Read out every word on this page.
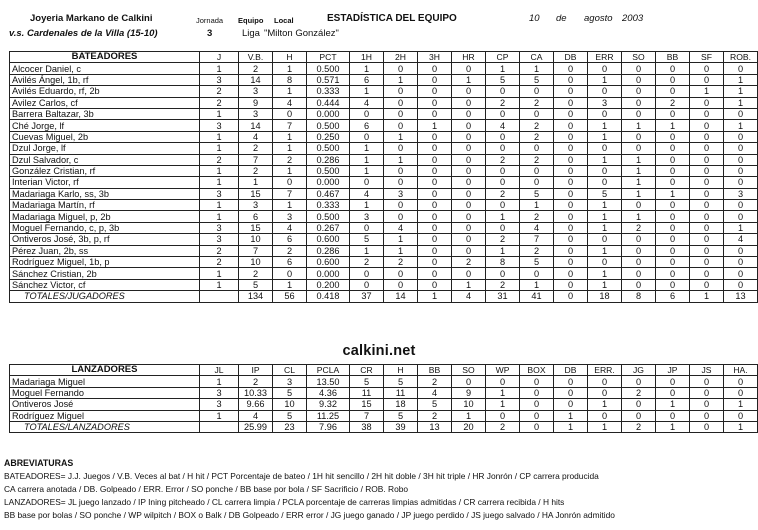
Joyeria Markano de Calkini	Jornada Equipo Local	ESTADÍSTICA DEL EQUIPO	10 de agosto 2003
v.s. Cardenales de la Villa (15-10)	3	Liga "Milton González"
BATEADORES	J	V.B.	H	PCT	1H	2H	3H	HR	CP	CA	DB	ERR	SO	BB	SF	ROB.
Alcocer Daniel, c	1	2	1	0.500	1	0	0	0	1	1	0	0	0	0	0	0
Avilés Ángel, 1b, rf	3	14	8	0.571	6	1	0	1	5	5	0	1	0	0	0	1
Avilés Eduardo, rf, 2b	2	3	1	0.333	1	0	0	0	0	0	0	0	0	0	1	1
Avilez Carlos, cf	2	9	4	0.444	4	0	0	0	2	2	0	3	0	2	0	1
Barrera Baltazar, 3b	1	3	0	0.000	0	0	0	0	0	0	0	0	0	0	0	0
Ché Jorge, lf	3	14	7	0.500	6	0	1	0	4	2	0	1	1	1	0	1
Cuevas Miguel, 2b	1	4	1	0.250	0	1	0	0	0	2	0	1	0	0	0	0
Dzul Jorge, lf	1	2	1	0.500	1	0	0	0	0	0	0	0	0	0	0	0
Dzul Salvador, c	2	7	2	0.286	1	1	0	0	2	2	0	1	1	0	0	0
González Cristian, rf	1	2	1	0.500	1	0	0	0	0	0	0	0	1	0	0	0
Interian Victor, rf	1	1	0	0.000	0	0	0	0	0	0	0	0	1	0	0	0
Madariaga Karlo, ss, 3b	3	15	7	0.467	4	3	0	0	2	5	0	5	1	1	0	3
Madariaga Martín, rf	1	3	1	0.333	1	0	0	0	0	1	0	1	0	0	0	0
Madariaga Miguel, p, 2b	1	6	3	0.500	3	0	0	0	1	2	0	1	1	0	0	0
Moguel Fernando, c, p, 3b	3	15	4	0.267	0	4	0	0	0	4	0	1	2	0	0	1
Ontiveros José, 3b, p, rf	3	10	6	0.600	5	1	0	0	2	7	0	0	0	0	0	4
Pérez Juan, 2b, ss	2	7	2	0.286	1	1	0	0	1	2	0	1	0	0	0	0
Rodríguez Miguel, 1b, p	2	10	6	0.600	2	2	0	2	8	5	0	0	0	0	0	0
Sánchez Cristian, 2b	1	2	0	0.000	0	0	0	0	0	0	0	1	0	0	0	0
Sánchez Victor, cf	1	5	1	0.200	0	0	0	1	2	1	0	1	0	0	0	0
TOTALES/JUGADORES		134	56	0.418	37	14	1	4	31	41	0	18	8	6	1	13
calkini.net
LANZADORES	JL	IP	CL	PCLA	CR	H	BB	SO	WP	BOX	DB	ERR.	JG	JP	JS	HA.
Madariaga Miguel	1	2	3	13.50	5	5	2	0	0	0	0	0	0	0	0	0
Moguel Fernando	3	10.33	5	4.36	11	11	4	9	1	0	0	0	2	0	0	0
Ontiveros José	3	9.66	10	9.32	15	18	5	10	1	0	0	1	0	1	0	1
Rodríguez Miguel	1	4	5	11.25	7	5	2	1	0	0	1	0	0	0	0	0
TOTALES/LANZADORES		25.99	23	7.96	38	39	13	20	2	0	1	1	2	1	0	1
ABREVIATURAS
BATEADORES= J.J. Juegos / V.B. Veces al bat / H hit / PCT Porcentaje de bateo / 1H hit sencillo / 2H hit doble / 3H hit triple / HR Jonrón / CP carrera producida
CA carrera anotada / DB. Golpeado / ERR. Error / SO ponche / BB base por bola / SF Sacrificio / ROB. Robo
LANZADORES= JL juego lanzado / IP Ining pitcheado / CL carrera limpia / PCLA porcentaje de carreras limpias admitidas / CR carrera recibida / H hits
BB base por bolas / SO ponche / WP wilpitch / BOX o Balk / DB Golpeado / ERR error / JG juego ganado / JP juego perdido / JS juego salvado / HA Jonrón admitido
